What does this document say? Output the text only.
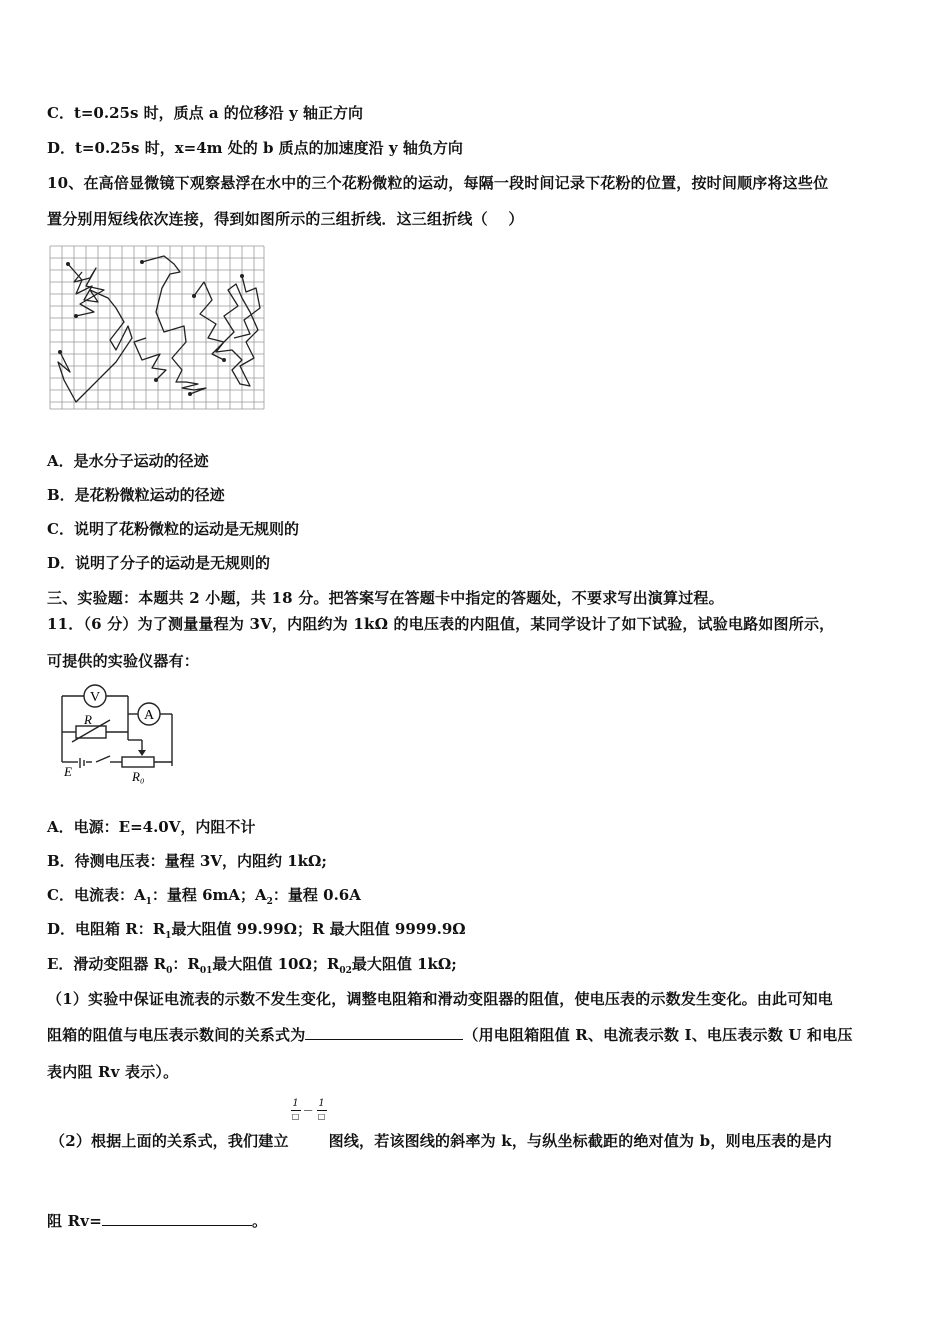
C．t=0.25s 时，质点 a 的位移沿 y 轴正方向
D．t=0.25s 时，x=4m 处的 b 质点的加速度沿 y 轴负方向
10、在高倍显微镜下观察悬浮在水中的三个花粉微粒的运动，每隔一段时间记录下花粉的位置，按时间顺序将这些位
置分别用短线依次连接，得到如图所示的三组折线．这三组折线（　 ）
A．是水分子运动的径迹
B．是花粉微粒运动的径迹
C．说明了花粉微粒的运动是无规则的
D．说明了分子的运动是无规则的
三、实验题：本题共 2 小题，共 18 分。把答案写在答题卡中指定的答题处，不要求写出演算过程。
11．（6 分）为了测量量程为 3V，内阻约为 1kΩ 的电压表的内阻值，某同学设计了如下试验，试验电路如图所示，
可提供的实验仪器有：
V
A
R
E	R₀
A．电源：E=4.0V，内阻不计
B．待测电压表：量程 3V，内阻约 1kΩ;
C．电流表：$A_1$：量程 6mA；$A_2$：量程 0.6A
D．电阻箱 R：$R_1$最大阻值 99.99Ω；R 最大阻值 9999.9Ω
E．滑动变阻器 $R_0$：$R_{01}$最大阻值 10Ω；$R_{02}$最大阻值 1kΩ;
（1）实验中保证电流表的示数不发生变化，调整电阻箱和滑动变阻器的阻值，使电压表的示数发生变化。由此可知电
阻箱的阻值与电压表示数间的关系式为	（用电阻箱阻值 R、电流表示数 I、电压表示数 U 和电压
表内阻 Rv 表示）。
（2）根据上面的关系式，我们建立
1
□
—
1
□
图线，若该图线的斜率为 k，与纵坐标截距的绝对值为 b，则电压表的是内
阻 Rv=	。
